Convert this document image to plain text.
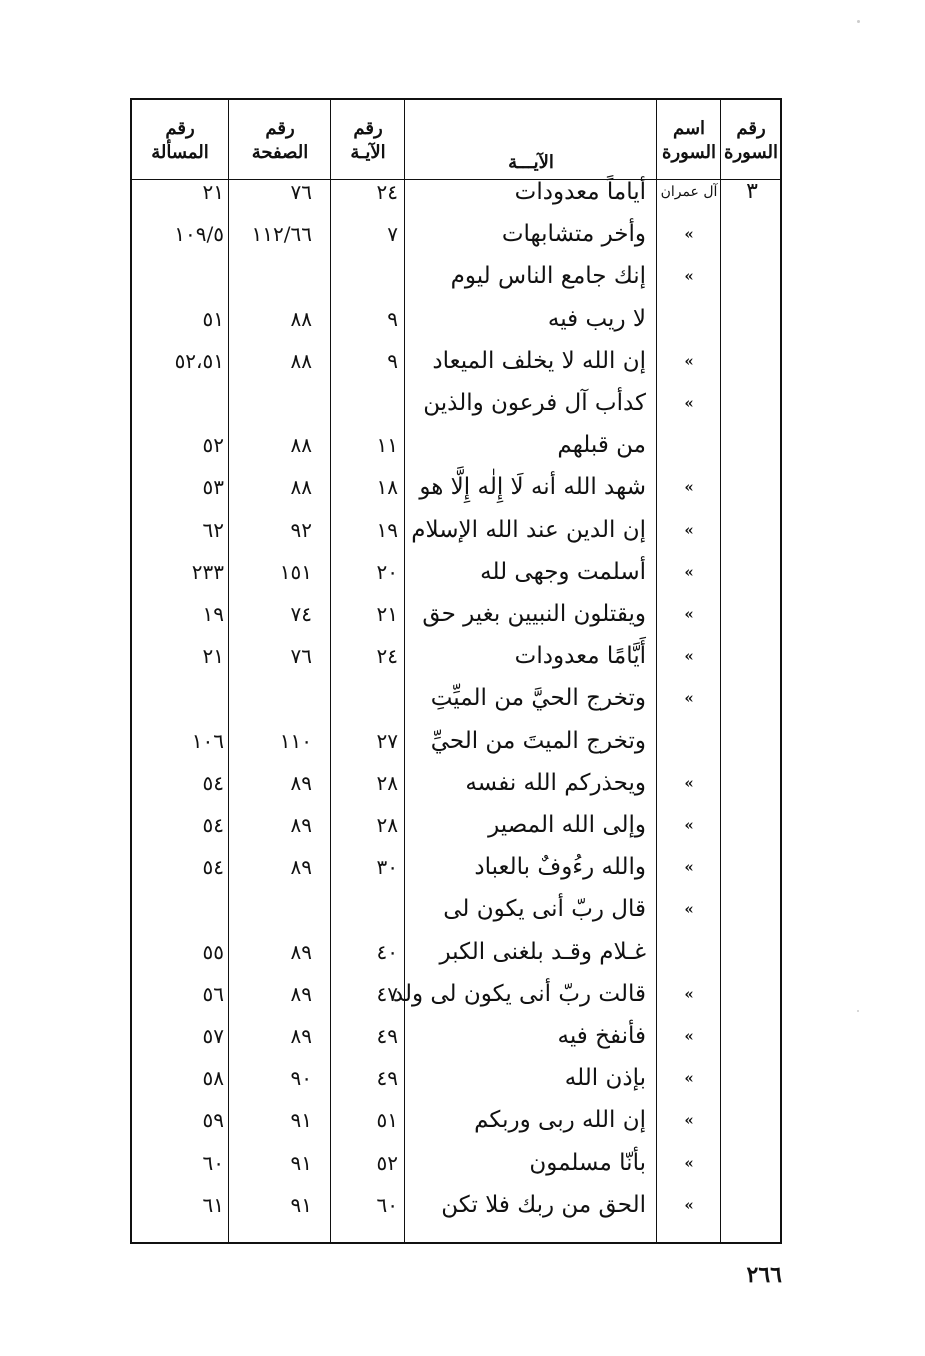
رقم
السورة
اسم
السورة
الآيـــة
رقم
الآيـة
رقم
الصفحة
رقم
المسألة
٣
آل عمران
أياماً معدودات
٢٤
٧٦
٢١
»
وأخر متشابهات
٧
١١٢/٦٦
١٠٩/٥
»
إنك جامع الناس ليوم
لا ريب فيه
٩
٨٨
٥١
»
إن الله لا يخلف الميعاد
٩
٨٨
٥٢،٥١
»
كدأب آل فرعون والذين
من قبلهم
١١
٨٨
٥٢
»
شهد الله أنه لَا إِلٰه إِلَّا هو
١٨
٨٨
٥٣
»
إن الدين عند الله الإسلام
١٩
٩٢
٦٢
»
أسلمت وجهى لله
٢٠
١٥١
٢٣٣
»
ويقتلون النبيين بغير حق
٢١
٧٤
١٩
»
أَيَّامًا معدودات
٢٤
٧٦
٢١
»
وتخرج الحيَّ من الميِّتِ
وتخرج الميتَ من الحيِّ
٢٧
١١٠
١٠٦
»
ويحذركم الله نفسه
٢٨
٨٩
٥٤
»
وإلى الله المصير
٢٨
٨٩
٥٤
»
والله رءُوفٌ بالعباد
٣٠
٨٩
٥٤
»
قال ربّ أنى يكون لى
غـلام وقـد بلغنى الكبر
٤٠
٨٩
٥٥
»
قالت ربّ أنى يكون لى ولد
٤٧
٨٩
٥٦
»
فأنفخ فيه
٤٩
٨٩
٥٧
»
بإذن الله
٤٩
٩٠
٥٨
»
إن الله ربى وربكم
٥١
٩١
٥٩
»
بأنّا مسلمون
٥٢
٩١
٦٠
»
الحق من ربك فلا تكن
٦٠
٩١
٦١
٢٦٦
